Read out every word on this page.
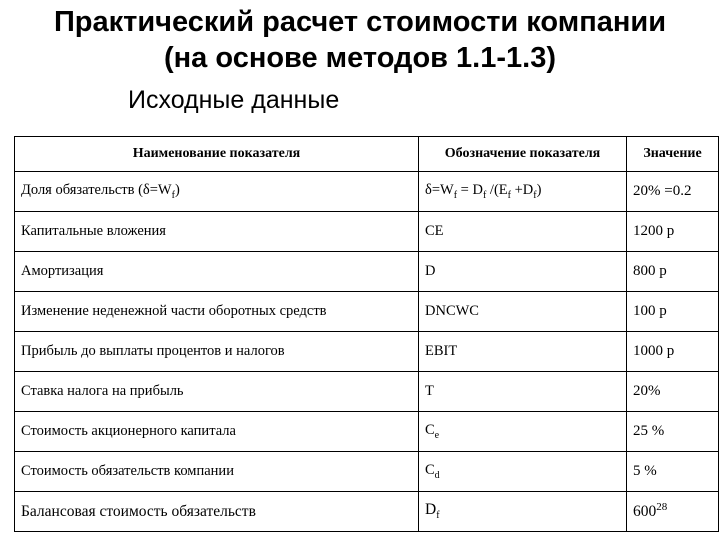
Практический расчет стоимости компании
(на основе методов 1.1-1.3)
Исходные данные
Наименование показателя	Обозначение показателя	Значение
Доля обязательств $(\delta=W_f)$	$\delta=W_f = D_f$ $/(E_f +D_f)$	20% =0.2
Капитальные вложения	CE	1200 р
Амортизация	D	800 р
Изменение неденежной части оборотных средств	DNCWC	100 р
Прибыль до выплаты процентов и налогов	EBIT	1000 р
Ставка налога на прибыль	T	20%
Стоимость акционерного капитала	$C_e$	25 %
Стоимость обязательств компании	$C_d$	5 %
Балансовая стоимость обязательств	$D_f$	$600^{28}$
